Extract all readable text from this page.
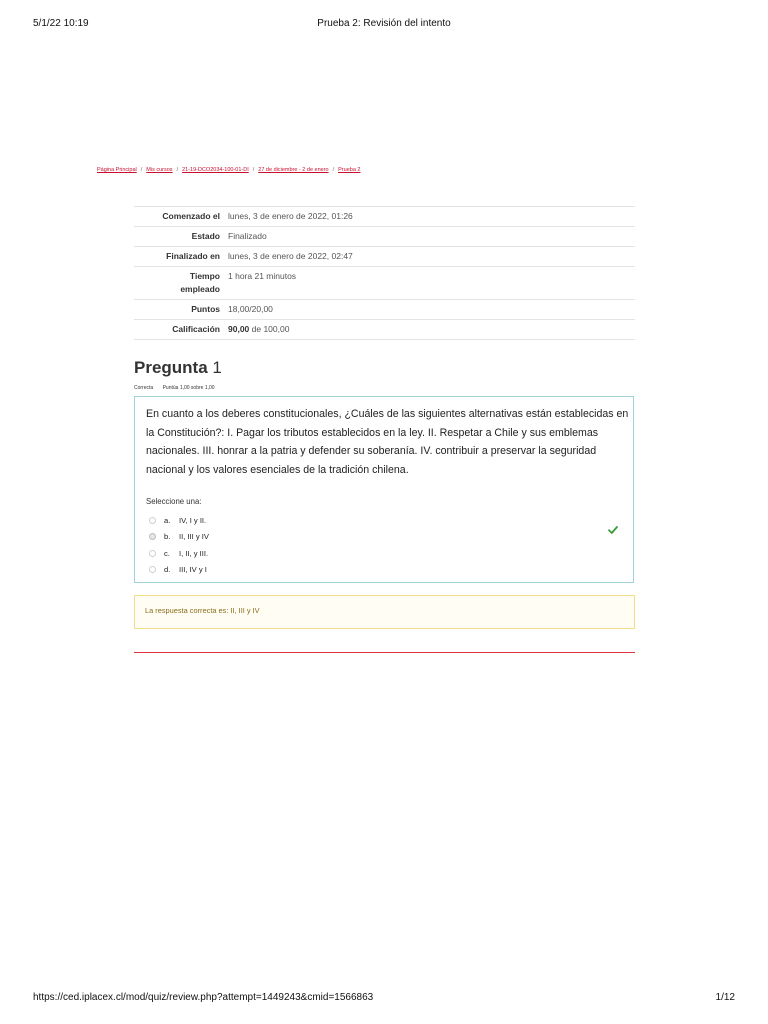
5/1/22 10:19	Prueba 2: Revisión del intento
Página Principal / Mis cursos / 21-19-DCO2034-100-01-DI / 27 de diciembre - 2 de enero / Prueba 2
Comenzado el	lunes, 3 de enero de 2022, 01:26
Estado	Finalizado
Finalizado en	lunes, 3 de enero de 2022, 02:47
Tiempo
empleado	1 hora 21 minutos
Puntos	18,00/20,00
Calificación	90,00 de 100,00
Pregunta 1
Correcta Puntúa 1,00 sobre 1,00
En cuanto a los deberes constitucionales, ¿Cuáles de las siguientes alternativas están establecidas en la Constitución?: I. Pagar los tributos establecidos en la ley. II. Respetar a Chile y sus emblemas nacionales. III. honrar a la patria y defender su soberanía. IV. contribuir a preservar la seguridad nacional y los valores esenciales de la tradición chilena.
Seleccione una:
a.	IV, I y II.
b.	II, III y IV
c.	I, II, y III.
d.	III, IV y I
La respuesta correcta es: II, III y IV
https://ced.iplacex.cl/mod/quiz/review.php?attempt=1449243&cmid=1566863	1/12
